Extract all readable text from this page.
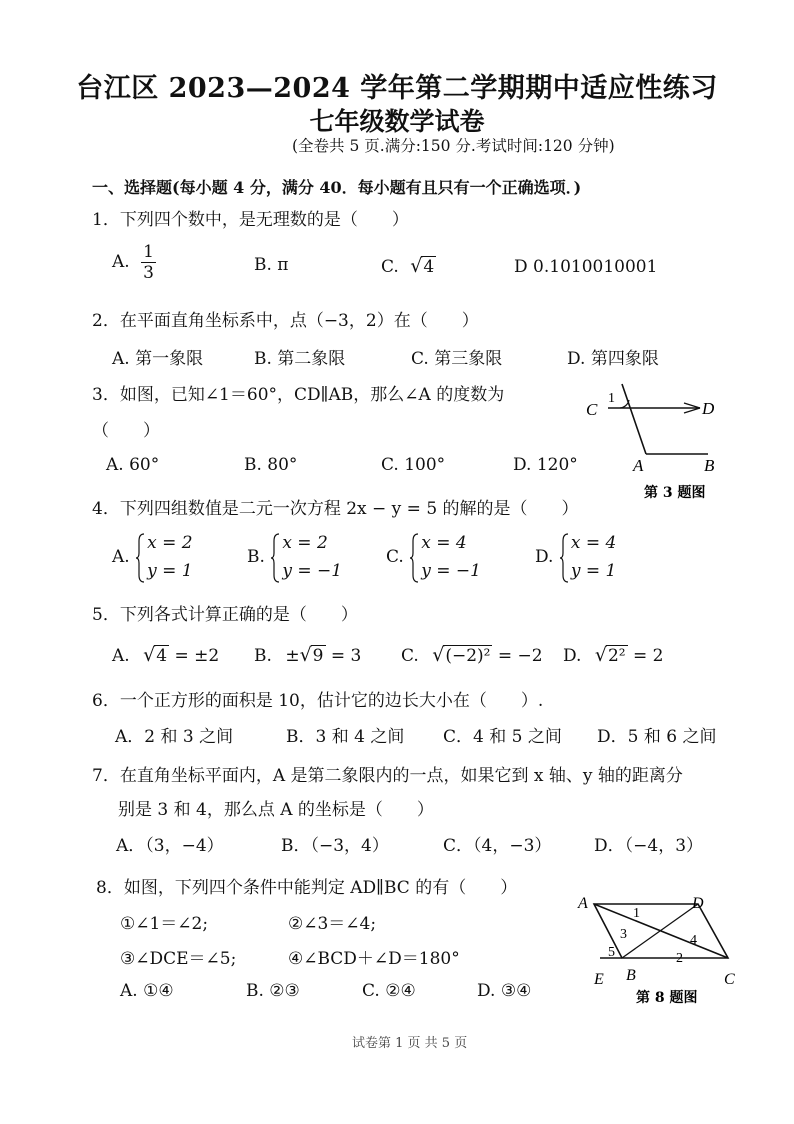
台江区 2023—2024 学年第二学期期中适应性练习
七年级数学试卷
(全卷共 5 页.满分:150 分.考试时间:120 分钟)
一、选择题(每小题 4 分，满分 40．每小题有且只有一个正确选项．)
1．下列四个数中，是无理数的是（　　）
A. $\frac{1}{3}$	B. π	C. √4	D 0.1010010001
2．在平面直角坐标系中，点（−3，2）在（　　）
A. 第一象限	B. 第二象限	C. 第三象限	D. 第四象限
3．如图，已知∠1＝60°，CD∥AB，那么∠A 的度数为
（　　）
A. 60°	B. 80°	C. 100°	D. 120°
C	D
1
A	B
第 3 题图
4．下列四组数值是二元一次方程 2x − y = 5 的解的是（　　）
A.
x = 2
y = 1
B.
x = 2
y = −1
C.
x = 4
y = −1
D.
x = 4
y = 1
5．下列各式计算正确的是（　　）
A. √4 = ±2 B. ±√9 = 3 C. √(−2)² = −2 D. √2² = 2
6．一个正方形的面积是 10，估计它的边长大小在（　　）.
A．2 和 3 之间	B．3 和 4 之间 C．4 和 5 之间 D．5 和 6 之间
7．在直角坐标平面内，A 是第二象限内的一点，如果它到 x 轴、y 轴的距离分
别是 3 和 4，那么点 A 的坐标是（　　）
A．（3，−4）	B．（−3，4）	C．（4，−3）	D．（−4，3）
8．如图，下列四个条件中能判定 AD∥BC 的有（　　）
①∠1＝∠2;	②∠3＝∠4;
③∠DCE＝∠5;	④∠BCD＋∠D＝180°
A. ①④	B. ②③	C. ②④	D. ③④
A	D
E B	C
1
2
3	4
5
第 8 题图
试卷第 1 页 共 5 页
